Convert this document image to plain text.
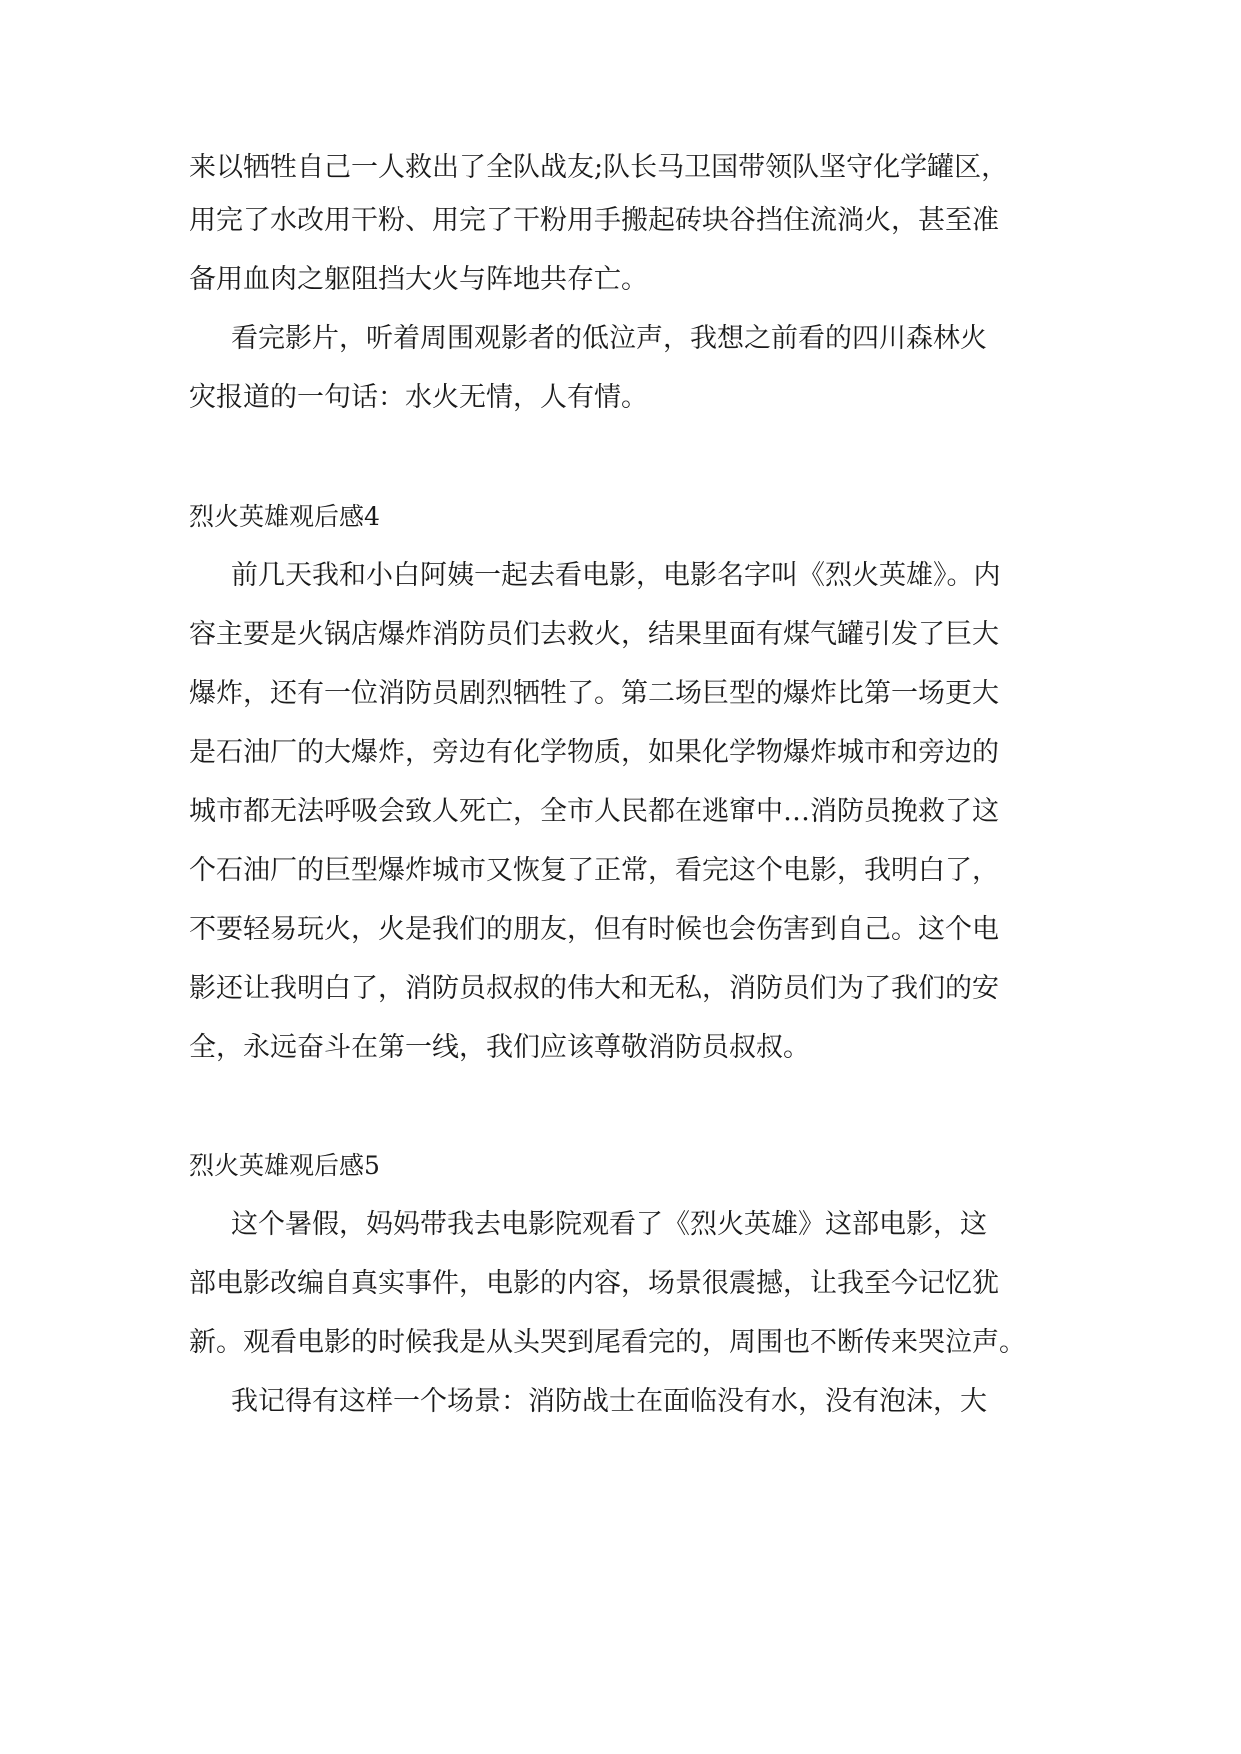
来以牺牲自己一人救出了全队战友;队长马卫国带领队坚守化学罐区，
用完了水改用干粉、用完了干粉用手搬起砖块谷挡住流淌火，甚至准
备用血肉之躯阻挡大火与阵地共存亡。
看完影片，听着周围观影者的低泣声，我想之前看的四川森林火
灾报道的一句话：水火无情，人有情。
烈火英雄观后感4
前几天我和小白阿姨一起去看电影，电影名字叫《烈火英雄》。内
容主要是火锅店爆炸消防员们去救火，结果里面有煤气罐引发了巨大
爆炸，还有一位消防员剧烈牺牲了。第二场巨型的爆炸比第一场更大
是石油厂的大爆炸，旁边有化学物质，如果化学物爆炸城市和旁边的
城市都无法呼吸会致人死亡，全市人民都在逃窜中…消防员挽救了这
个石油厂的巨型爆炸城市又恢复了正常，看完这个电影，我明白了，
不要轻易玩火，火是我们的朋友，但有时候也会伤害到自己。这个电
影还让我明白了，消防员叔叔的伟大和无私，消防员们为了我们的安
全，永远奋斗在第一线，我们应该尊敬消防员叔叔。
烈火英雄观后感5
这个暑假，妈妈带我去电影院观看了《烈火英雄》这部电影，这
部电影改编自真实事件，电影的内容，场景很震撼，让我至今记忆犹
新。观看电影的时候我是从头哭到尾看完的，周围也不断传来哭泣声。
我记得有这样一个场景：消防战士在面临没有水，没有泡沫，大
